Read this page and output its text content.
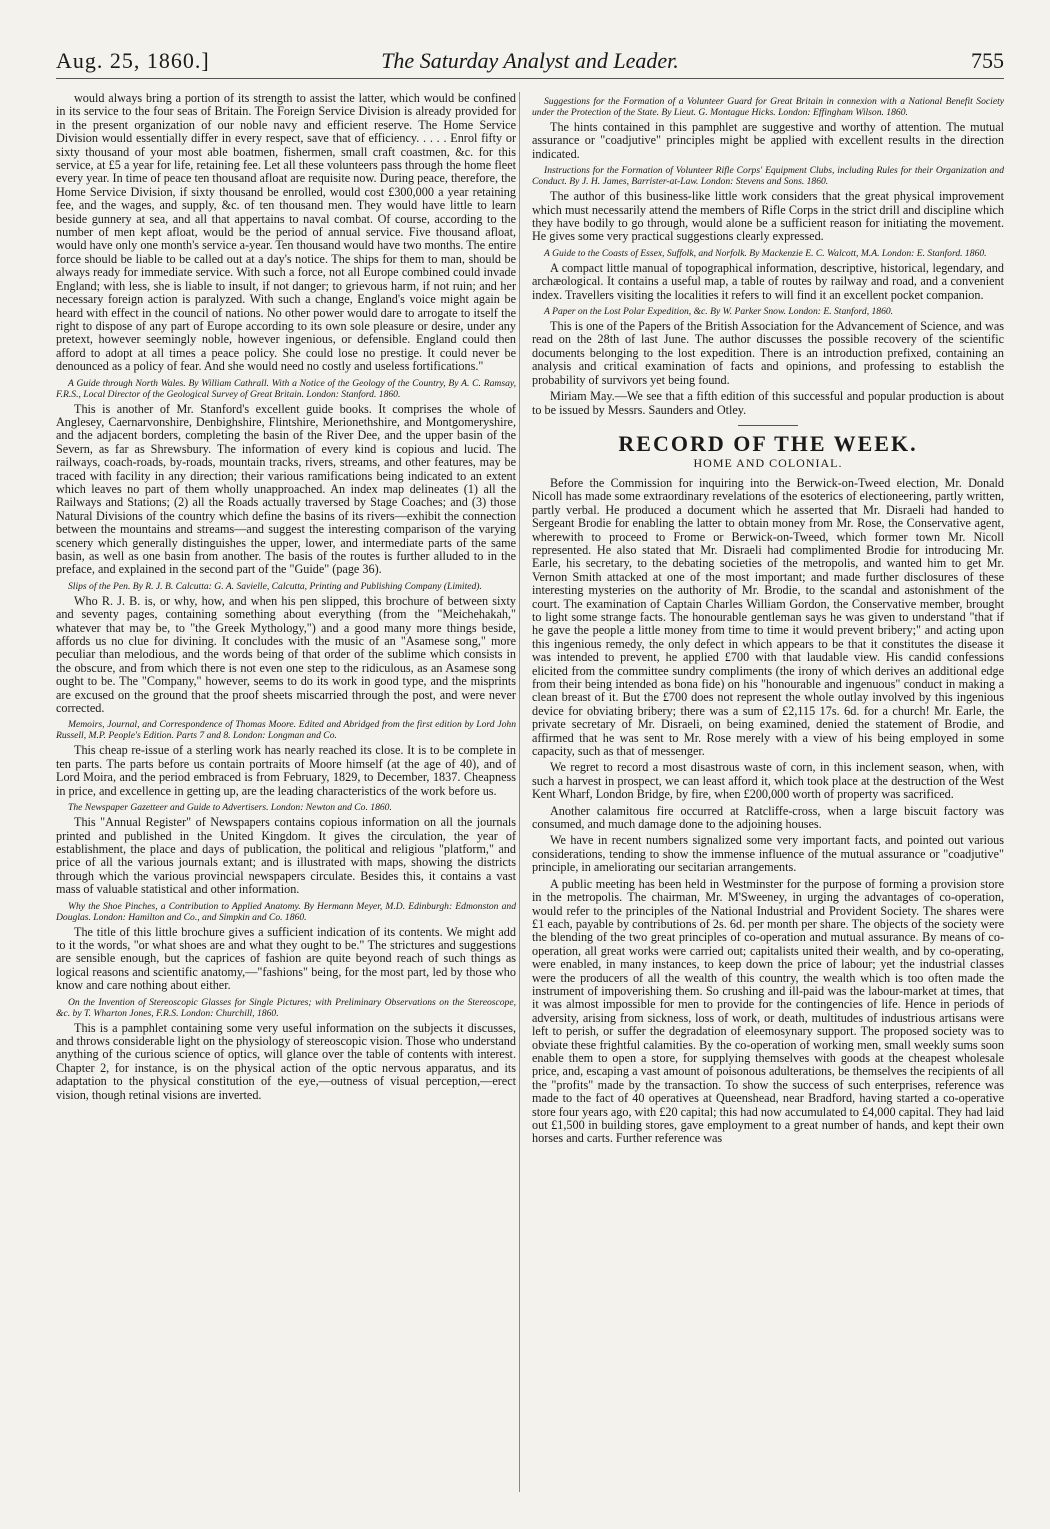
Aug. 25, 1860.]	The Saturday Analyst and Leader.	755

would always bring a portion of its strength to assist the latter, which would be confined in its service to the four seas of Britain. The Foreign Service Division is already provided for in the present organization of our noble navy and efficient reserve. The Home Service Division would essentially differ in every respect, save that of efficiency. . . . . Enrol fifty or sixty thousand of your most able boatmen, fishermen, small craft coastmen, &c. for this service, at £5 a year for life, retaining fee. Let all these volunteers pass through the home fleet every year. In time of peace ten thousand afloat are requisite now. During peace, therefore, the Home Service Division, if sixty thousand be enrolled, would cost £300,000 a year retaining fee, and the wages, and supply, &c. of ten thousand men. They would have little to learn beside gunnery at sea, and all that appertains to naval combat. Of course, according to the number of men kept afloat, would be the period of annual service. Five thousand afloat, would have only one month's service a-year. Ten thousand would have two months. The entire force should be liable to be called out at a day's notice. The ships for them to man, should be always ready for immediate service. With such a force, not all Europe combined could invade England; with less, she is liable to insult, if not danger; to grievous harm, if not ruin; and her necessary foreign action is paralyzed. With such a change, England's voice might again be heard with effect in the council of nations. No other power would dare to arrogate to itself the right to dispose of any part of Europe according to its own sole pleasure or desire, under any pretext, however seemingly noble, however ingenious, or defensible. England could then afford to adopt at all times a peace policy. She could lose no prestige. It could never be denounced as a policy of fear. And she would need no costly and useless fortifications."

A Guide through North Wales. By William Cathrall. With a Notice of the Geology of the Country, By A. C. Ramsay, F.R.S., Local Director of the Geological Survey of Great Britain. London: Stanford. 1860.

This is another of Mr. Stanford's excellent guide books. It comprises the whole of Anglesey, Caernarvonshire, Denbighshire, Flintshire, Merionethshire, and Montgomeryshire, and the adjacent borders, completing the basin of the River Dee, and the upper basin of the Severn, as far as Shrewsbury. The information of every kind is copious and lucid. The railways, coach-roads, by-roads, mountain tracks, rivers, streams, and other features, may be traced with facility in any direction; their various ramifications being indicated to an extent which leaves no part of them wholly unapproached. An index map delineates (1) all the Railways and Stations; (2) all the Roads actually traversed by Stage Coaches; and (3) those Natural Divisions of the country which define the basins of its rivers—exhibit the connection between the mountains and streams—and suggest the interesting comparison of the varying scenery which generally distinguishes the upper, lower, and intermediate parts of the same basin, as well as one basin from another. The basis of the routes is further alluded to in the preface, and explained in the second part of the "Guide" (page 36).

Slips of the Pen. By R. J. B. Calcutta: G. A. Savielle, Calcutta, Printing and Publishing Company (Limited).

Who R. J. B. is, or why, how, and when his pen slipped, this brochure of between sixty and seventy pages, containing something about everything (from the "Meichehakah," whatever that may be, to "the Greek Mythology,") and a good many more things beside, affords us no clue for divining. It concludes with the music of an "Asamese song," more peculiar than melodious, and the words being of that order of the sublime which consists in the obscure, and from which there is not even one step to the ridiculous, as an Asamese song ought to be. The "Company," however, seems to do its work in good type, and the misprints are excused on the ground that the proof sheets miscarried through the post, and were never corrected.

Memoirs, Journal, and Correspondence of Thomas Moore. Edited and Abridged from the first edition by Lord John Russell, M.P. People's Edition. Parts 7 and 8. London: Longman and Co.

This cheap re-issue of a sterling work has nearly reached its close. It is to be complete in ten parts. The parts before us contain portraits of Moore himself (at the age of 40), and of Lord Moira, and the period embraced is from February, 1829, to December, 1837. Cheapness in price, and excellence in getting up, are the leading characteristics of the work before us.

The Newspaper Gazetteer and Guide to Advertisers. London: Newton and Co. 1860.

This "Annual Register" of Newspapers contains copious information on all the journals printed and published in the United Kingdom. It gives the circulation, the year of establishment, the place and days of publication, the political and religious "platform," and price of all the various journals extant; and is illustrated with maps, showing the districts through which the various provincial newspapers circulate. Besides this, it contains a vast mass of valuable statistical and other information.

Why the Shoe Pinches, a Contribution to Applied Anatomy. By Hermann Meyer, M.D. Edinburgh: Edmonston and Douglas. London: Hamilton and Co., and Simpkin and Co. 1860.

The title of this little brochure gives a sufficient indication of its contents. We might add to it the words, "or what shoes are and what they ought to be." The strictures and suggestions are sensible enough, but the caprices of fashion are quite beyond reach of such things as logical reasons and scientific anatomy,—"fashions" being, for the most part, led by those who know and care nothing about either.

On the Invention of Stereoscopic Glasses for Single Pictures; with Preliminary Observations on the Stereoscope, &c. by T. Wharton Jones, F.R.S. London: Churchill, 1860.

This is a pamphlet containing some very useful information on the subjects it discusses, and throws considerable light on the physiology of stereoscopic vision. Those who understand anything of the curious science of optics, will glance over the table of contents with interest. Chapter 2, for instance, is on the physical action of the optic nervous apparatus, and its adaptation to the physical constitution of the eye,—outness of visual perception,—erect vision, though retinal visions are inverted.

Suggestions for the Formation of a Volunteer Guard for Great Britain in connexion with a National Benefit Society under the Protection of the State. By Lieut. G. Montague Hicks. London: Effingham Wilson. 1860.

The hints contained in this pamphlet are suggestive and worthy of attention. The mutual assurance or "coadjutive" principles might be applied with excellent results in the direction indicated.

Instructions for the Formation of Volunteer Rifle Corps' Equipment Clubs, including Rules for their Organization and Conduct. By J. H. James, Barrister-at-Law. London: Stevens and Sons. 1860.

The author of this business-like little work considers that the great physical improvement which must necessarily attend the members of Rifle Corps in the strict drill and discipline which they have bodily to go through, would alone be a sufficient reason for initiating the movement. He gives some very practical suggestions clearly expressed.

A Guide to the Coasts of Essex, Suffolk, and Norfolk. By Mackenzie E. C. Walcott, M.A. London: E. Stanford. 1860.

A compact little manual of topographical information, descriptive, historical, legendary, and archæological. It contains a useful map, a table of routes by railway and road, and a convenient index. Travellers visiting the localities it refers to will find it an excellent pocket companion.

A Paper on the Lost Polar Expedition, &c. By W. Parker Snow. London: E. Stanford, 1860.

This is one of the Papers of the British Association for the Advancement of Science, and was read on the 28th of last June. The author discusses the possible recovery of the scientific documents belonging to the lost expedition. There is an introduction prefixed, containing an analysis and critical examination of facts and opinions, and professing to establish the probability of survivors yet being found.

Miriam May.—We see that a fifth edition of this successful and popular production is about to be issued by Messrs. Saunders and Otley.

RECORD OF THE WEEK.
HOME AND COLONIAL.

Before the Commission for inquiring into the Berwick-on-Tweed election, Mr. Donald Nicoll has made some extraordinary revelations of the esoterics of electioneering, partly written, partly verbal. He produced a document which he asserted that Mr. Disraeli had handed to Sergeant Brodie for enabling the latter to obtain money from Mr. Rose, the Conservative agent, wherewith to proceed to Frome or Berwick-on-Tweed, which former town Mr. Nicoll represented. He also stated that Mr. Disraeli had complimented Brodie for introducing Mr. Earle, his secretary, to the debating societies of the metropolis, and wanted him to get Mr. Vernon Smith attacked at one of the most important; and made further disclosures of these interesting mysteries on the authority of Mr. Brodie, to the scandal and astonishment of the court. The examination of Captain Charles William Gordon, the Conservative member, brought to light some strange facts. The honourable gentleman says he was given to understand "that if he gave the people a little money from time to time it would prevent bribery;" and acting upon this ingenious remedy, the only defect in which appears to be that it constitutes the disease it was intended to prevent, he applied £700 with that laudable view. His candid confessions elicited from the committee sundry compliments (the irony of which derives an additional edge from their being intended as bona fide) on his "honourable and ingenuous" conduct in making a clean breast of it. But the £700 does not represent the whole outlay involved by this ingenious device for obviating bribery; there was a sum of £2,115 17s. 6d. for a church! Mr. Earle, the private secretary of Mr. Disraeli, on being examined, denied the statement of Brodie, and affirmed that he was sent to Mr. Rose merely with a view of his being employed in some capacity, such as that of messenger.

We regret to record a most disastrous waste of corn, in this inclement season, when, with such a harvest in prospect, we can least afford it, which took place at the destruction of the West Kent Wharf, London Bridge, by fire, when £200,000 worth of property was sacrificed.

Another calamitous fire occurred at Ratcliffe-cross, when a large biscuit factory was consumed, and much damage done to the adjoining houses.

We have in recent numbers signalized some very important facts, and pointed out various considerations, tending to show the immense influence of the mutual assurance or "coadjutive" principle, in ameliorating our secitarian arrangements.

A public meeting has been held in Westminster for the purpose of forming a provision store in the metropolis. The chairman, Mr. M'Sweeney, in urging the advantages of co-operation, would refer to the principles of the National Industrial and Provident Society. The shares were £1 each, payable by contributions of 2s. 6d. per month per share. The objects of the society were the blending of the two great principles of co-operation and mutual assurance. By means of co-operation, all great works were carried out; capitalists united their wealth, and by co-operating, were enabled, in many instances, to keep down the price of labour; yet the industrial classes were the producers of all the wealth of this country, the wealth which is too often made the instrument of impoverishing them. So crushing and ill-paid was the labour-market at times, that it was almost impossible for men to provide for the contingencies of life. Hence in periods of adversity, arising from sickness, loss of work, or death, multitudes of industrious artisans were left to perish, or suffer the degradation of eleemosynary support. The proposed society was to obviate these frightful calamities. By the co-operation of working men, small weekly sums soon enable them to open a store, for supplying themselves with goods at the cheapest wholesale price, and, escaping a vast amount of poisonous adulterations, be themselves the recipients of all the "profits" made by the transaction. To show the success of such enterprises, reference was made to the fact of 40 operatives at Queenshead, near Bradford, having started a co-operative store four years ago, with £20 capital; this had now accumulated to £4,000 capital. They had laid out £1,500 in building stores, gave employment to a great number of hands, and kept their own horses and carts. Further reference was
